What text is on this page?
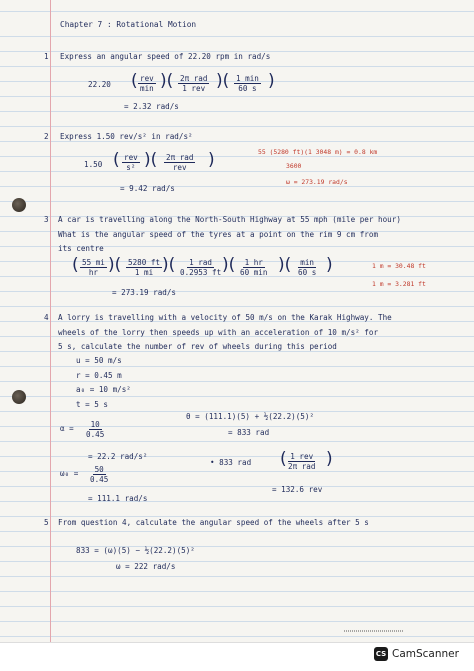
Chapter 7 : Rotational Motion
1 Express an angular speed of 22.20 rpm in rad/s
22.20 ( rev
min )( 2π rad
1 rev )( 1 min
60 s )
= 2.32 rad/s
2 Express 1.50 rev/s² in rad/s²
1.50 ( rev
s² )( 2π rad
rev )
= 9.42 rad/s
55 (5280 ft)(1 3048 m) = 0.8 km
3600
ω = 273.19 rad/s
3 A car is travelling along the North-South Highway at 55 mph (mile per hour)
What is the angular speed of the tyres at a point on the rim 9 cm from
its centre
( $\frac{55 mi}{hr}$ )( $\frac{5280 ft}{1 mi}$ )( 1 rad
0.2953 ft )( 1 hr
60 min )( min
60 s )
= 273.19 rad/s
1 m = 30.48 ft
1 m = 3.281 ft
4 A lorry is travelling with a velocity of 50 m/s on the Karak Highway. The
wheels of the lorry then speeds up with an acceleration of 10 m/s² for
5 s, calculate the number of rev of wheels during this period
u = 50 m/s
r = 0.45 m
a₀ = 10 m/s²
t = 5 s
$\alpha = \frac{10}{0.45}$
= 22.2 rad/s²
$\omega_0 = \frac{50}{0.45}$
= 111.1 rad/s
θ = (111.1)(5) + ½(22.2)(5)²
= 833 rad
• 833 rad ( 1 rev
2π rad )
= 132.6 rev
5 From question 4, calculate the angular speed of the wheels after 5 s
833 = (ω)(5) − ½(22.2)(5)²
ω = 222 rad/s
CS CamScanner
